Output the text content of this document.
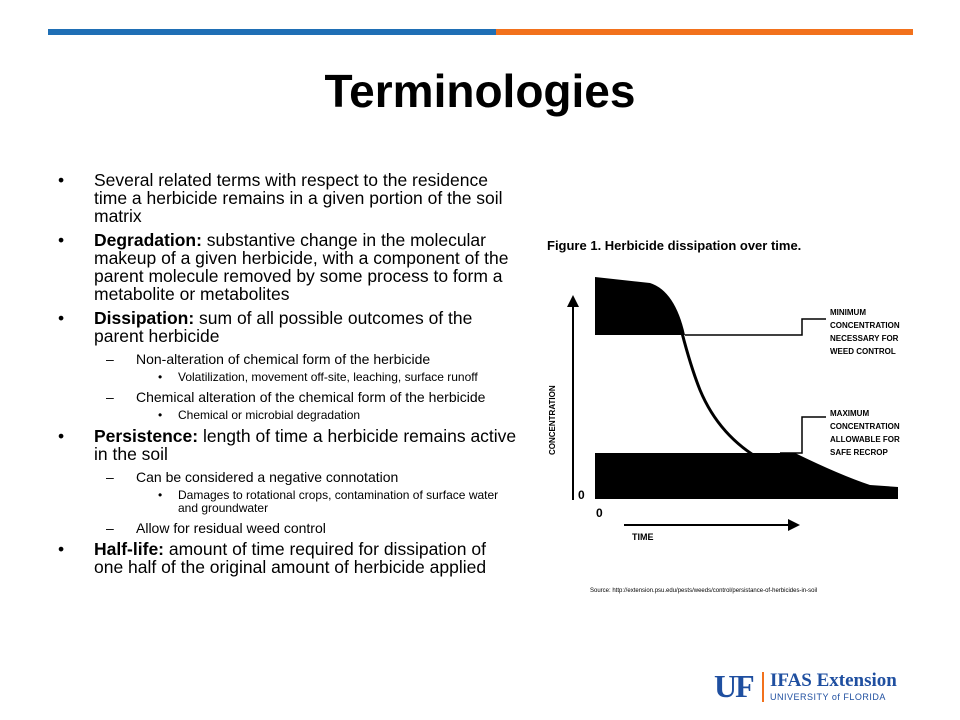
Terminologies
• Several related terms with respect to the residence time a herbicide remains in a given portion of the soil matrix
• Degradation: substantive change in the molecular makeup of a given herbicide, with a component of the parent molecule removed by some process to form a metabolite or metabolites
• Dissipation: sum of all possible outcomes of the parent herbicide
– Non-alteration of chemical form of the herbicide
• Volatilization, movement off-site, leaching, surface runoff
– Chemical alteration of the chemical form of the herbicide
• Chemical or microbial degradation
• Persistence: length of time a herbicide remains active in the soil
– Can be considered a negative connotation
• Damages to rotational crops, contamination of surface water and groundwater
– Allow for residual weed control
• Half-life: amount of time required for dissipation of one half of the original amount of herbicide applied
Figure 1. Herbicide dissipation over time.
CONCENTRATION
0
0
TIME
MINIMUM
CONCENTRATION
NECESSARY FOR
WEED CONTROL
MAXIMUM
CONCENTRATION
ALLOWABLE FOR
SAFE RECROP
Source: http://extension.psu.edu/pests/weeds/control/persistance-of-herbicides-in-soil
UF IFAS Extension
UNIVERSITY of FLORIDA
